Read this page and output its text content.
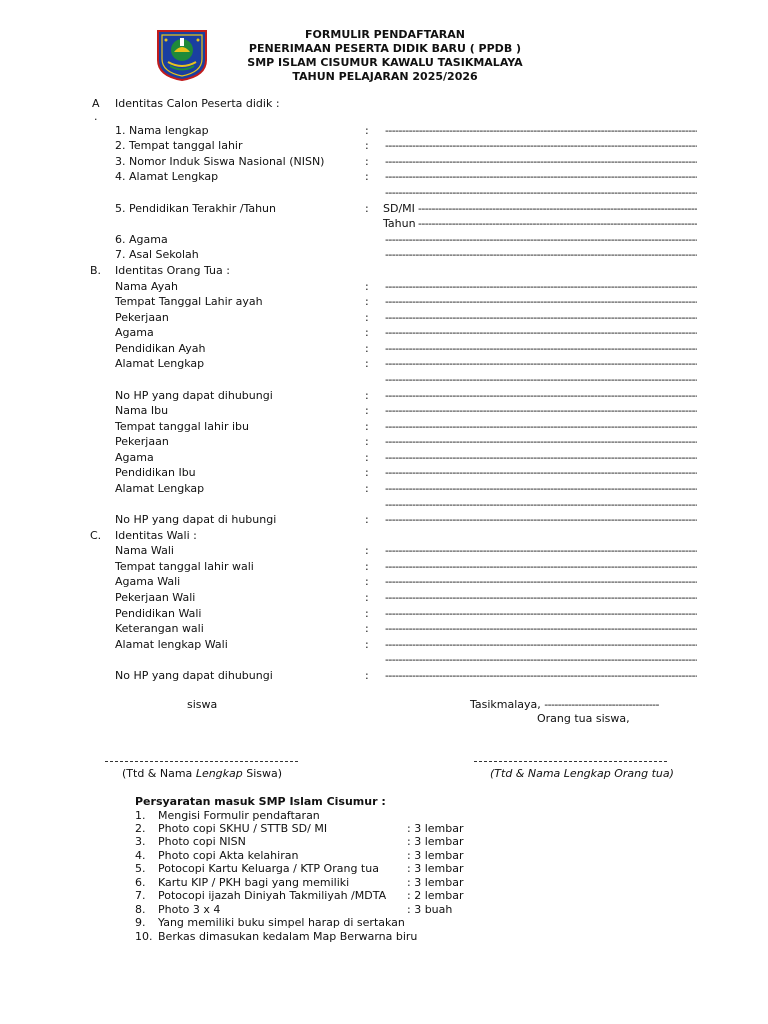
FORMULIR PENDAFTARAN
PENERIMAAN PESERTA DIDIK BARU ( PPDB )
SMP ISLAM CISUMUR KAWALU TASIKMALAYA
TAHUN PELAJARAN 2025/2026
A
.
Identitas Calon Peserta didik :
1. Nama lengkap	:
-----
2. Tempat tanggal lahir	:
-----
3. Nomor Induk Siswa Nasional (NISN)	:
-----
4. Alamat Lengkap	:
-----
-----
5. Pendidikan Terakhir /Tahun	: SD/MI
-----
Tahun
-----
6. Agama
-----
7. Asal Sekolah
-----
B. Identitas Orang Tua :
Nama Ayah	:
-----
Tempat Tanggal Lahir ayah	:
-----
Pekerjaan	:
-----
Agama	:
-----
Pendidikan Ayah	:
-----
Alamat Lengkap	:
-----
-----
No HP yang dapat dihubungi	:
-----
Nama Ibu	:
-----
Tempat tanggal lahir ibu	:
-----
Pekerjaan	:
-----
Agama	:
-----
Pendidikan Ibu	:
-----
Alamat Lengkap	:
-----
-----
No HP yang dapat di hubungi	:
-----
C. Identitas Wali :
Nama Wali	:
-----
Tempat tanggal lahir wali	:
-----
Agama Wali	:
-----
Pekerjaan Wali	:
-----
Pendidikan Wali	:
-----
Keterangan wali	:
-----
Alamat lengkap Wali	:
-----
-----
No HP yang dapat dihubungi	:
-----
siswa	Tasikmalaya, ----------------------------------
Orang tua siswa,
(Ttd & Nama Lengkap Siswa)	(Ttd & Nama Lengkap Orang tua)
Persyaratan masuk SMP Islam Cisumur :
1. Mengisi Formulir pendaftaran
2. Photo copi SKHU / STTB SD/ MI	: 3 lembar
3. Photo copi NISN	: 3 lembar
4. Photo copi Akta kelahiran	: 3 lembar
5. Potocopi Kartu Keluarga / KTP Orang tua	: 3 lembar
6. Kartu KIP / PKH bagi yang memiliki	: 3 lembar
7. Potocopi ijazah Diniyah Takmiliyah /MDTA : 2 lembar
8. Photo 3 x 4	: 3 buah
9. Yang memiliki buku simpel harap di sertakan
10. Berkas dimasukan kedalam Map Berwarna biru
